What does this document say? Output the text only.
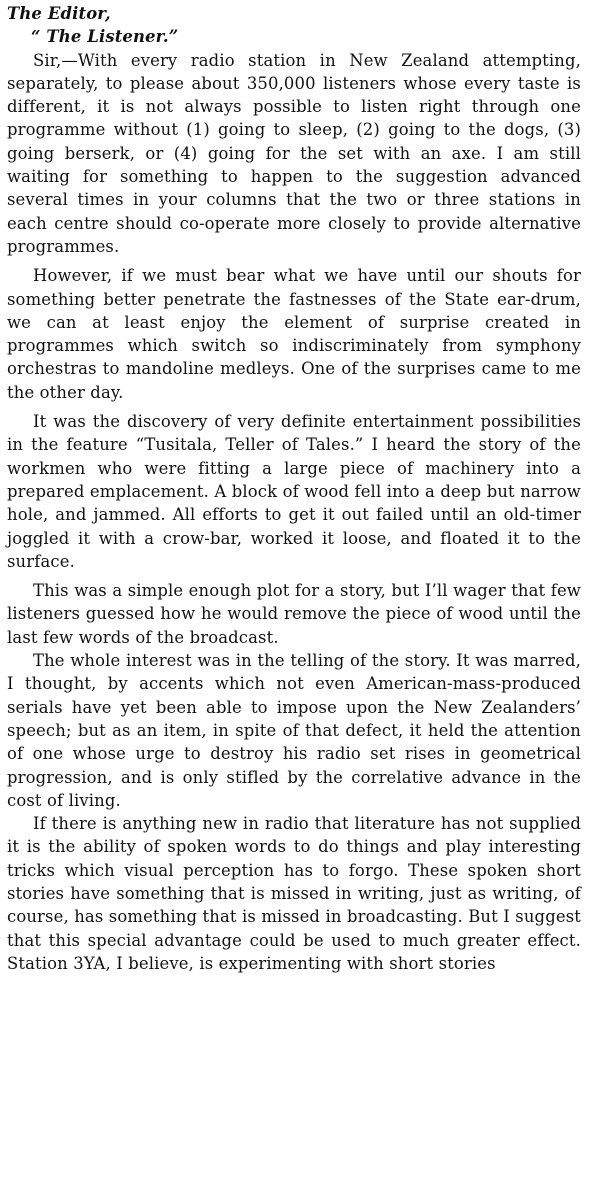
The Editor,
“ The Listener.”

Sir,—With every radio station in New Zealand attempting, separately, to please about 350,000 listeners whose every taste is different, it is not always possible to listen right through one programme without (1) going to sleep, (2) going to the dogs, (3) going berserk, or (4) going for the set with an axe. I am still waiting for something to happen to the suggestion advanced several times in your columns that the two or three stations in each centre should co-operate more closely to provide alternative programmes.

However, if we must bear what we have until our shouts for something better penetrate the fastnesses of the State ear-drum, we can at least enjoy the element of surprise created in programmes which switch so indiscriminately from symphony orchestras to mandoline medleys. One of the surprises came to me the other day.

It was the discovery of very definite entertainment possibilities in the feature “Tusitala, Teller of Tales.” I heard the story of the workmen who were fitting a large piece of machinery into a prepared emplacement. A block of wood fell into a deep but narrow hole, and jammed. All efforts to get it out failed until an old-timer joggled it with a crow-bar, worked it loose, and floated it to the surface.

This was a simple enough plot for a story, but I’ll wager that few listeners guessed how he would remove the piece of wood until the last few words of the broadcast.

The whole interest was in the telling of the story. It was marred, I thought, by accents which not even American-mass-produced serials have yet been able to impose upon the New Zealanders’ speech; but as an item, in spite of that defect, it held the attention of one whose urge to destroy his radio set rises in geometrical progression, and is only stifled by the correlative advance in the cost of living.

If there is anything new in radio that literature has not supplied it is the ability of spoken words to do things and play interesting tricks which visual perception has to forgo. These spoken short stories have something that is missed in writing, just as writing, of course, has something that is missed in broadcasting. But I suggest that this special advantage could be used to much greater effect. Station 3YA, I believe, is experimenting with short stories
